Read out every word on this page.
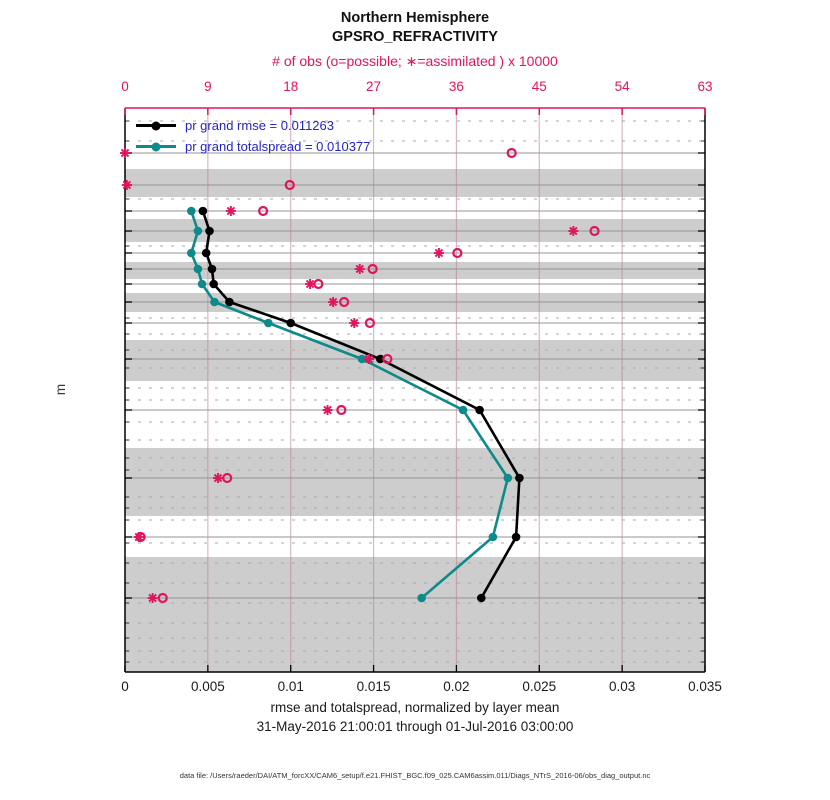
Northern Hemisphere
GPSRO_REFRACTIVITY
# of obs (o=possible; ∗=assimilated ) x 10000
0	9	18	27	36	45	54	63
0	0.005	0.01	0.015	0.02	0.025	0.03	0.035
m
rmse and totalspread, normalized by layer mean
31-May-2016 21:00:01 through 01-Jul-2016 03:00:00
pr grand rmse = 0.011263
pr grand totalspread = 0.010377
data file: /Users/raeder/DAI/ATM_forcXX/CAM6_setup/f.e21.FHIST_BGC.f09_025.CAM6assim.011/Diags_NTrS_2016-06/obs_diag_output.nc
